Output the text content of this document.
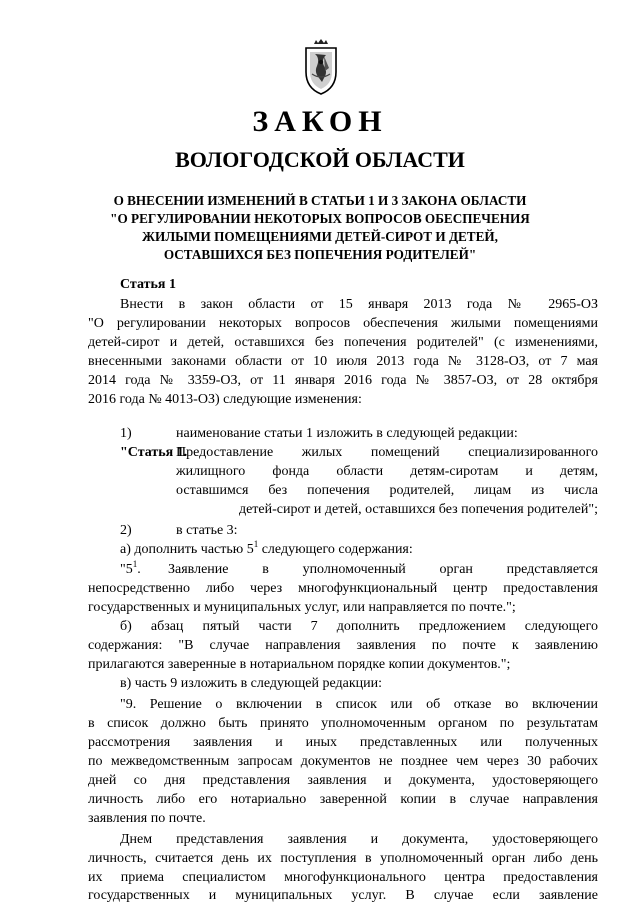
ЗАКОН
ВОЛОГОДСКОЙ ОБЛАСТИ
О ВНЕСЕНИИ ИЗМЕНЕНИЙ В СТАТЬИ 1 И 3 ЗАКОНА ОБЛАСТИ
"О РЕГУЛИРОВАНИИ НЕКОТОРЫХ ВОПРОСОВ ОБЕСПЕЧЕНИЯ
ЖИЛЫМИ ПОМЕЩЕНИЯМИ ДЕТЕЙ-СИРОТ И ДЕТЕЙ,
ОСТАВШИХСЯ БЕЗ ПОПЕЧЕНИЯ РОДИТЕЛЕЙ"

Статья 1

Внести в закон области от 15 января 2013 года № 2965-ОЗ

"О регулировании некоторых вопросов обеспечения жилыми помещениями

детей-сирот и детей, оставшихся без попечения родителей" (с изменениями,

внесенными законами области от 10 июля 2013 года № 3128-ОЗ, от 7 мая

2014 года № 3359-ОЗ, от 11 января 2016 года № 3857-ОЗ, от 28 октября

2016 года № 4013-ОЗ) следующие изменения:

1)	наименование статьи 1 изложить в следующей редакции:

"Статья 1.

Предоставление жилых помещений специализированного
жилищного фонда области детям-сиротам и детям,
оставшимся без попечения родителей, лицам из числа
детей-сирот и детей, оставшихся без попечения родителей";

2)	в статье 3:

а) дополнить частью $5^1$ следующего содержания:

"$5^1$. Заявление в уполномоченный орган представляется

непосредственно либо через многофункциональный центр предоставления

государственных и муниципальных услуг, или направляется по почте.";

б) абзац пятый части 7 дополнить предложением следующего

содержания: "В случае направления заявления по почте к заявлению

прилагаются заверенные в нотариальном порядке копии документов.";

в) часть 9 изложить в следующей редакции:

"9. Решение о включении в список или об отказе во включении

в список должно быть принято уполномоченным органом по результатам

рассмотрения заявления и иных представленных или полученных

по межведомственным запросам документов не позднее чем через 30 рабочих

дней со дня представления заявления и документа, удостоверяющего

личность либо его нотариально заверенной копии в случае направления

заявления по почте.

Днем представления заявления и документа, удостоверяющего

личность, считается день их поступления в уполномоченный орган либо день

их приема специалистом многофункционального центра предоставления

государственных и муниципальных услуг. В случае если заявление
